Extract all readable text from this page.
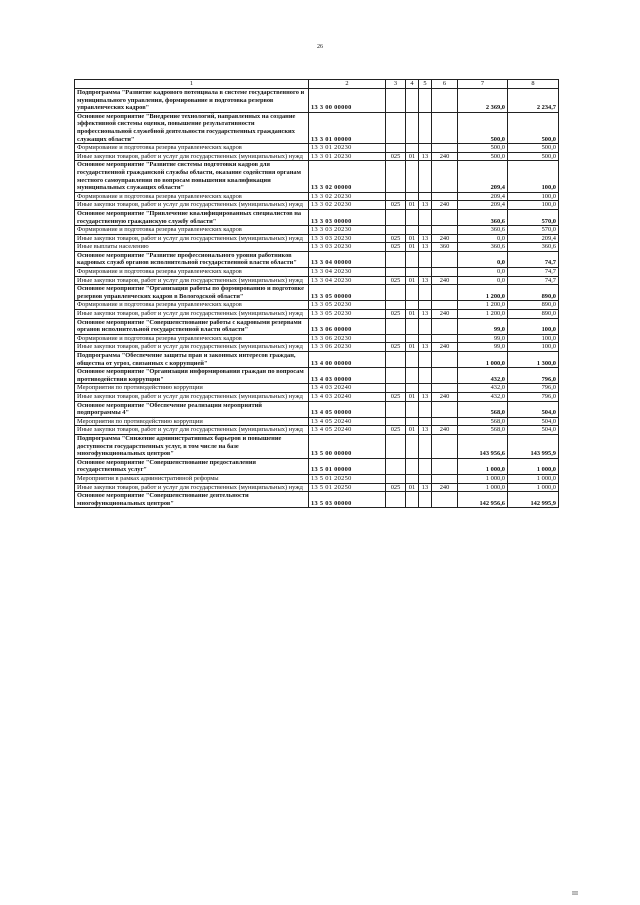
26
III
1	2	3	4	5	6	7	8
Подпрограмма "Развитие кадрового потенциала в системе государственного и муниципального управления, формирование и подготовка резервов управленческих кадров"	13 3 00 00000					2 369,0	2 234,7
Основное мероприятие "Внедрение технологий, направленных на создание эффективной системы оценки, повышение результативности профессиональной служебной деятельности государственных гражданских служащих области"	13 3 01 00000					500,0	500,0
Формирование и подготовка резерва управленческих кадров	13 3 01 20230					500,0	500,0
Иные закупки товаров, работ и услуг для государственных (муниципальных) нужд	13 3 01 20230	025	01	13	240	500,0	500,0
Основное мероприятие "Развитие системы подготовки кадров для государственной гражданской службы области, оказание содействия органам местного самоуправления по вопросам повышения квалификации муниципальных служащих области"	13 3 02 00000					209,4	100,0
Формирование и подготовка резерва управленческих кадров	13 3 02 20230					209,4	100,0
Иные закупки товаров, работ и услуг для государственных (муниципальных) нужд	13 3 02 20230	025	01	13	240	209,4	100,0
Основное мероприятие "Привлечение квалифицированных специалистов на государственную гражданскую службу области"	13 3 03 00000					360,6	570,0
Формирование и подготовка резерва управленческих кадров	13 3 03 20230					360,6	570,0
Иные закупки товаров, работ и услуг для государственных (муниципальных) нужд	13 3 03 20230	025	01	13	240	0,0	209,4
Иные выплаты населению	13 3 03 20230	025	01	13	360	360,6	360,6
Основное мероприятие "Развитие профессионального уровня работников кадровых служб органов исполнительной государственной власти области"	13 3 04 00000					0,0	74,7
Формирование и подготовка резерва управленческих кадров	13 3 04 20230					0,0	74,7
Иные закупки товаров, работ и услуг для государственных (муниципальных) нужд	13 3 04 20230	025	01	13	240	0,0	74,7
Основное мероприятие "Организация работы по формированию и подготовке резервов управленческих кадров в Вологодской области"	13 3 05 00000					1 200,0	890,0
Формирование и подготовка резерва управленческих кадров	13 3 05 20230					1 200,0	890,0
Иные закупки товаров, работ и услуг для государственных (муниципальных) нужд	13 3 05 20230	025	01	13	240	1 200,0	890,0
Основное мероприятие "Совершенствование работы с кадровыми резервами органов исполнительной государственной власти области"	13 3 06 00000					99,0	100,0
Формирование и подготовка резерва управленческих кадров	13 3 06 20230					99,0	100,0
Иные закупки товаров, работ и услуг для государственных (муниципальных) нужд	13 3 06 20230	025	01	13	240	99,0	100,0
Подпрограмма "Обеспечение защиты прав и законных интересов граждан, общества от угроз, связанных с коррупцией"	13 4 00 00000					1 000,0	1 300,0
Основное мероприятие "Организация информирования граждан по вопросам противодействия коррупции"	13 4 03 00000					432,0	796,0
Мероприятия по противодействию коррупции	13 4 03 20240					432,0	796,0
Иные закупки товаров, работ и услуг для государственных (муниципальных) нужд	13 4 03 20240	025	01	13	240	432,0	796,0
Основное мероприятие "Обеспечение реализации мероприятий подпрограммы 4"	13 4 05 00000					568,0	504,0
Мероприятия по противодействию коррупции	13 4 05 20240					568,0	504,0
Иные закупки товаров, работ и услуг для государственных (муниципальных) нужд	13 4 05 20240	025	01	13	240	568,0	504,0
Подпрограмма "Снижение административных барьеров и повышение доступности государственных услуг, в том числе на базе многофункциональных центров"	13 5 00 00000					143 956,6	143 995,9
Основное мероприятие "Совершенствование предоставления государственных услуг"	13 5 01 00000					1 000,0	1 000,0
Мероприятия в рамках административной реформы	13 5 01 20250					1 000,0	1 000,0
Иные закупки товаров, работ и услуг для государственных (муниципальных) нужд	13 5 01 20250	025	01	13	240	1 000,0	1 000,0
Основное мероприятие "Совершенствование деятельности многофункциональных центров"	13 5 03 00000					142 956,6	142 995,9
